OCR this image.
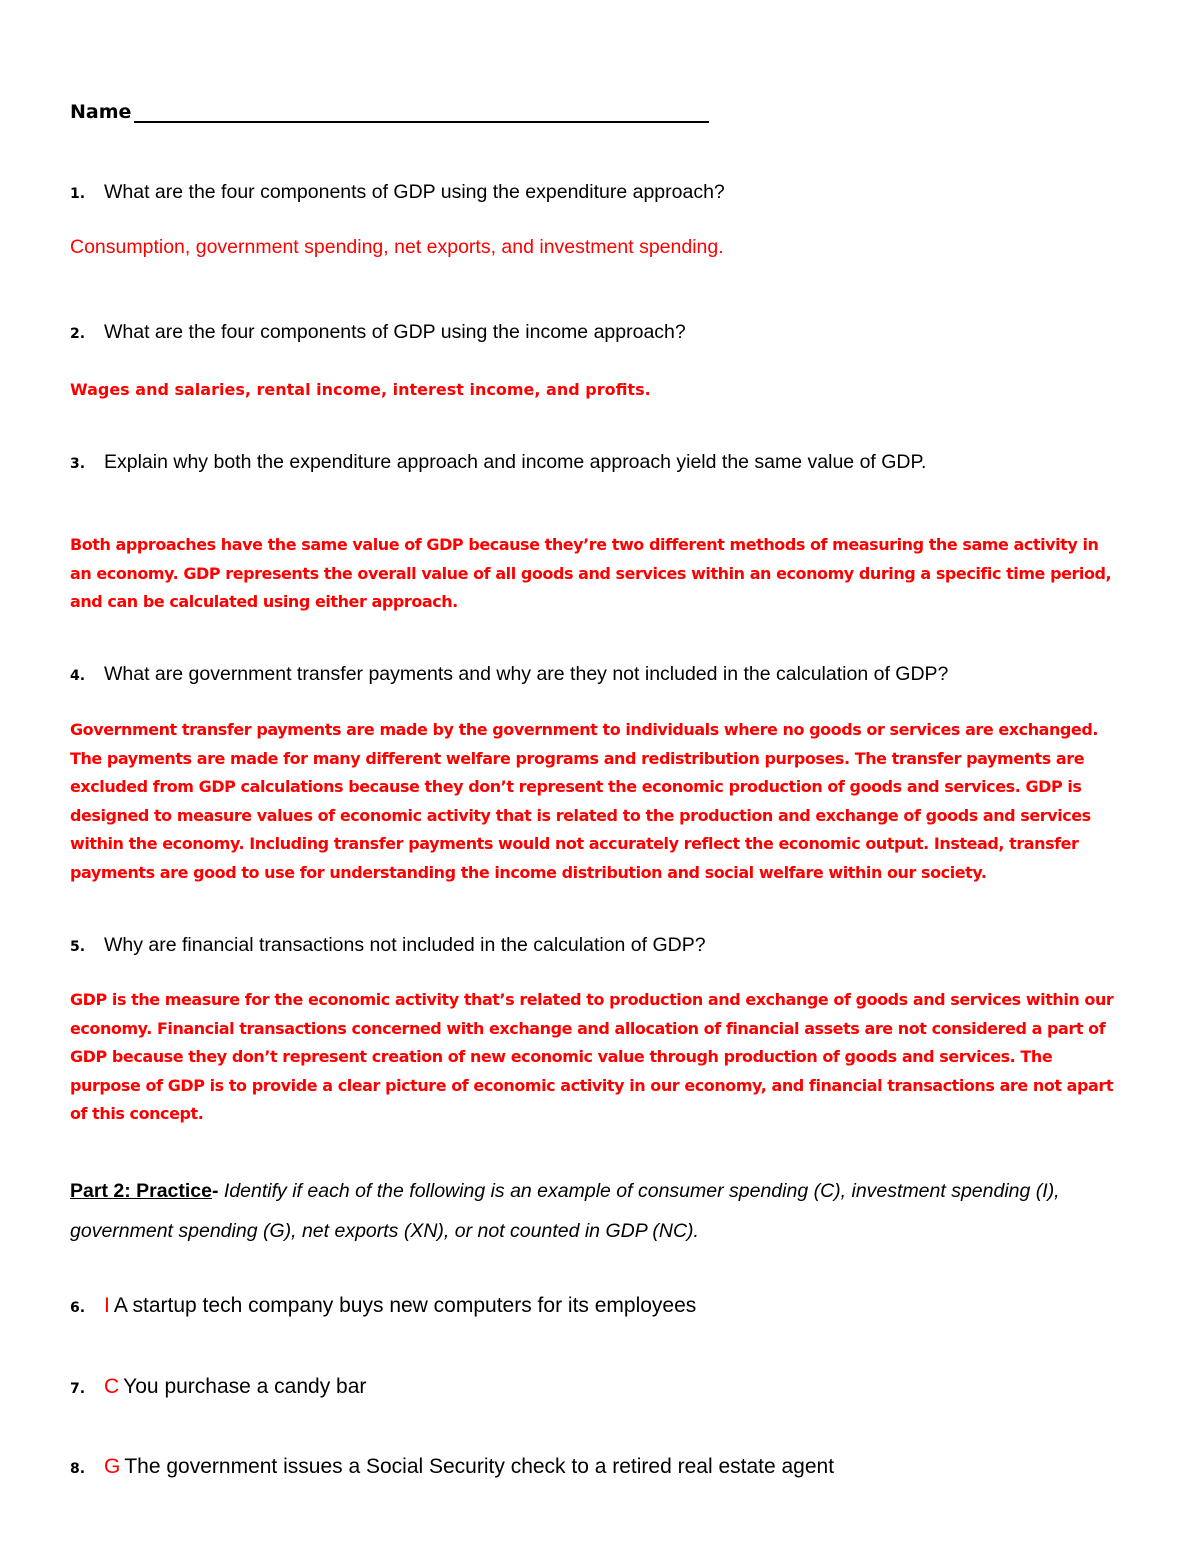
Name
1. What are the four components of GDP using the expenditure approach?
Consumption, government spending, net exports, and investment spending.
2. What are the four components of GDP using the income approach?
Wages and salaries, rental income, interest income, and profits.
3. Explain why both the expenditure approach and income approach yield the same value of GDP.
Both approaches have the same value of GDP because they’re two different methods of measuring the same activity in
an economy. GDP represents the overall value of all goods and services within an economy during a specific time period,
and can be calculated using either approach.
4. What are government transfer payments and why are they not included in the calculation of GDP?
Government transfer payments are made by the government to individuals where no goods or services are exchanged.
The payments are made for many different welfare programs and redistribution purposes. The transfer payments are
excluded from GDP calculations because they don’t represent the economic production of goods and services. GDP is
designed to measure values of economic activity that is related to the production and exchange of goods and services
within the economy. Including transfer payments would not accurately reflect the economic output. Instead, transfer
payments are good to use for understanding the income distribution and social welfare within our society.
5. Why are financial transactions not included in the calculation of GDP?
GDP is the measure for the economic activity that’s related to production and exchange of goods and services within our
economy. Financial transactions concerned with exchange and allocation of financial assets are not considered a part of
GDP because they don’t represent creation of new economic value through production of goods and services. The
purpose of GDP is to provide a clear picture of economic activity in our economy, and financial transactions are not apart
of this concept.
Part 2: Practice- Identify if each of the following is an example of consumer spending (C), investment spending (I), government spending (G), net exports (XN), or not counted in GDP (NC).
6. I A startup tech company buys new computers for its employees
7. C You purchase a candy bar
8. G The government issues a Social Security check to a retired real estate agent
